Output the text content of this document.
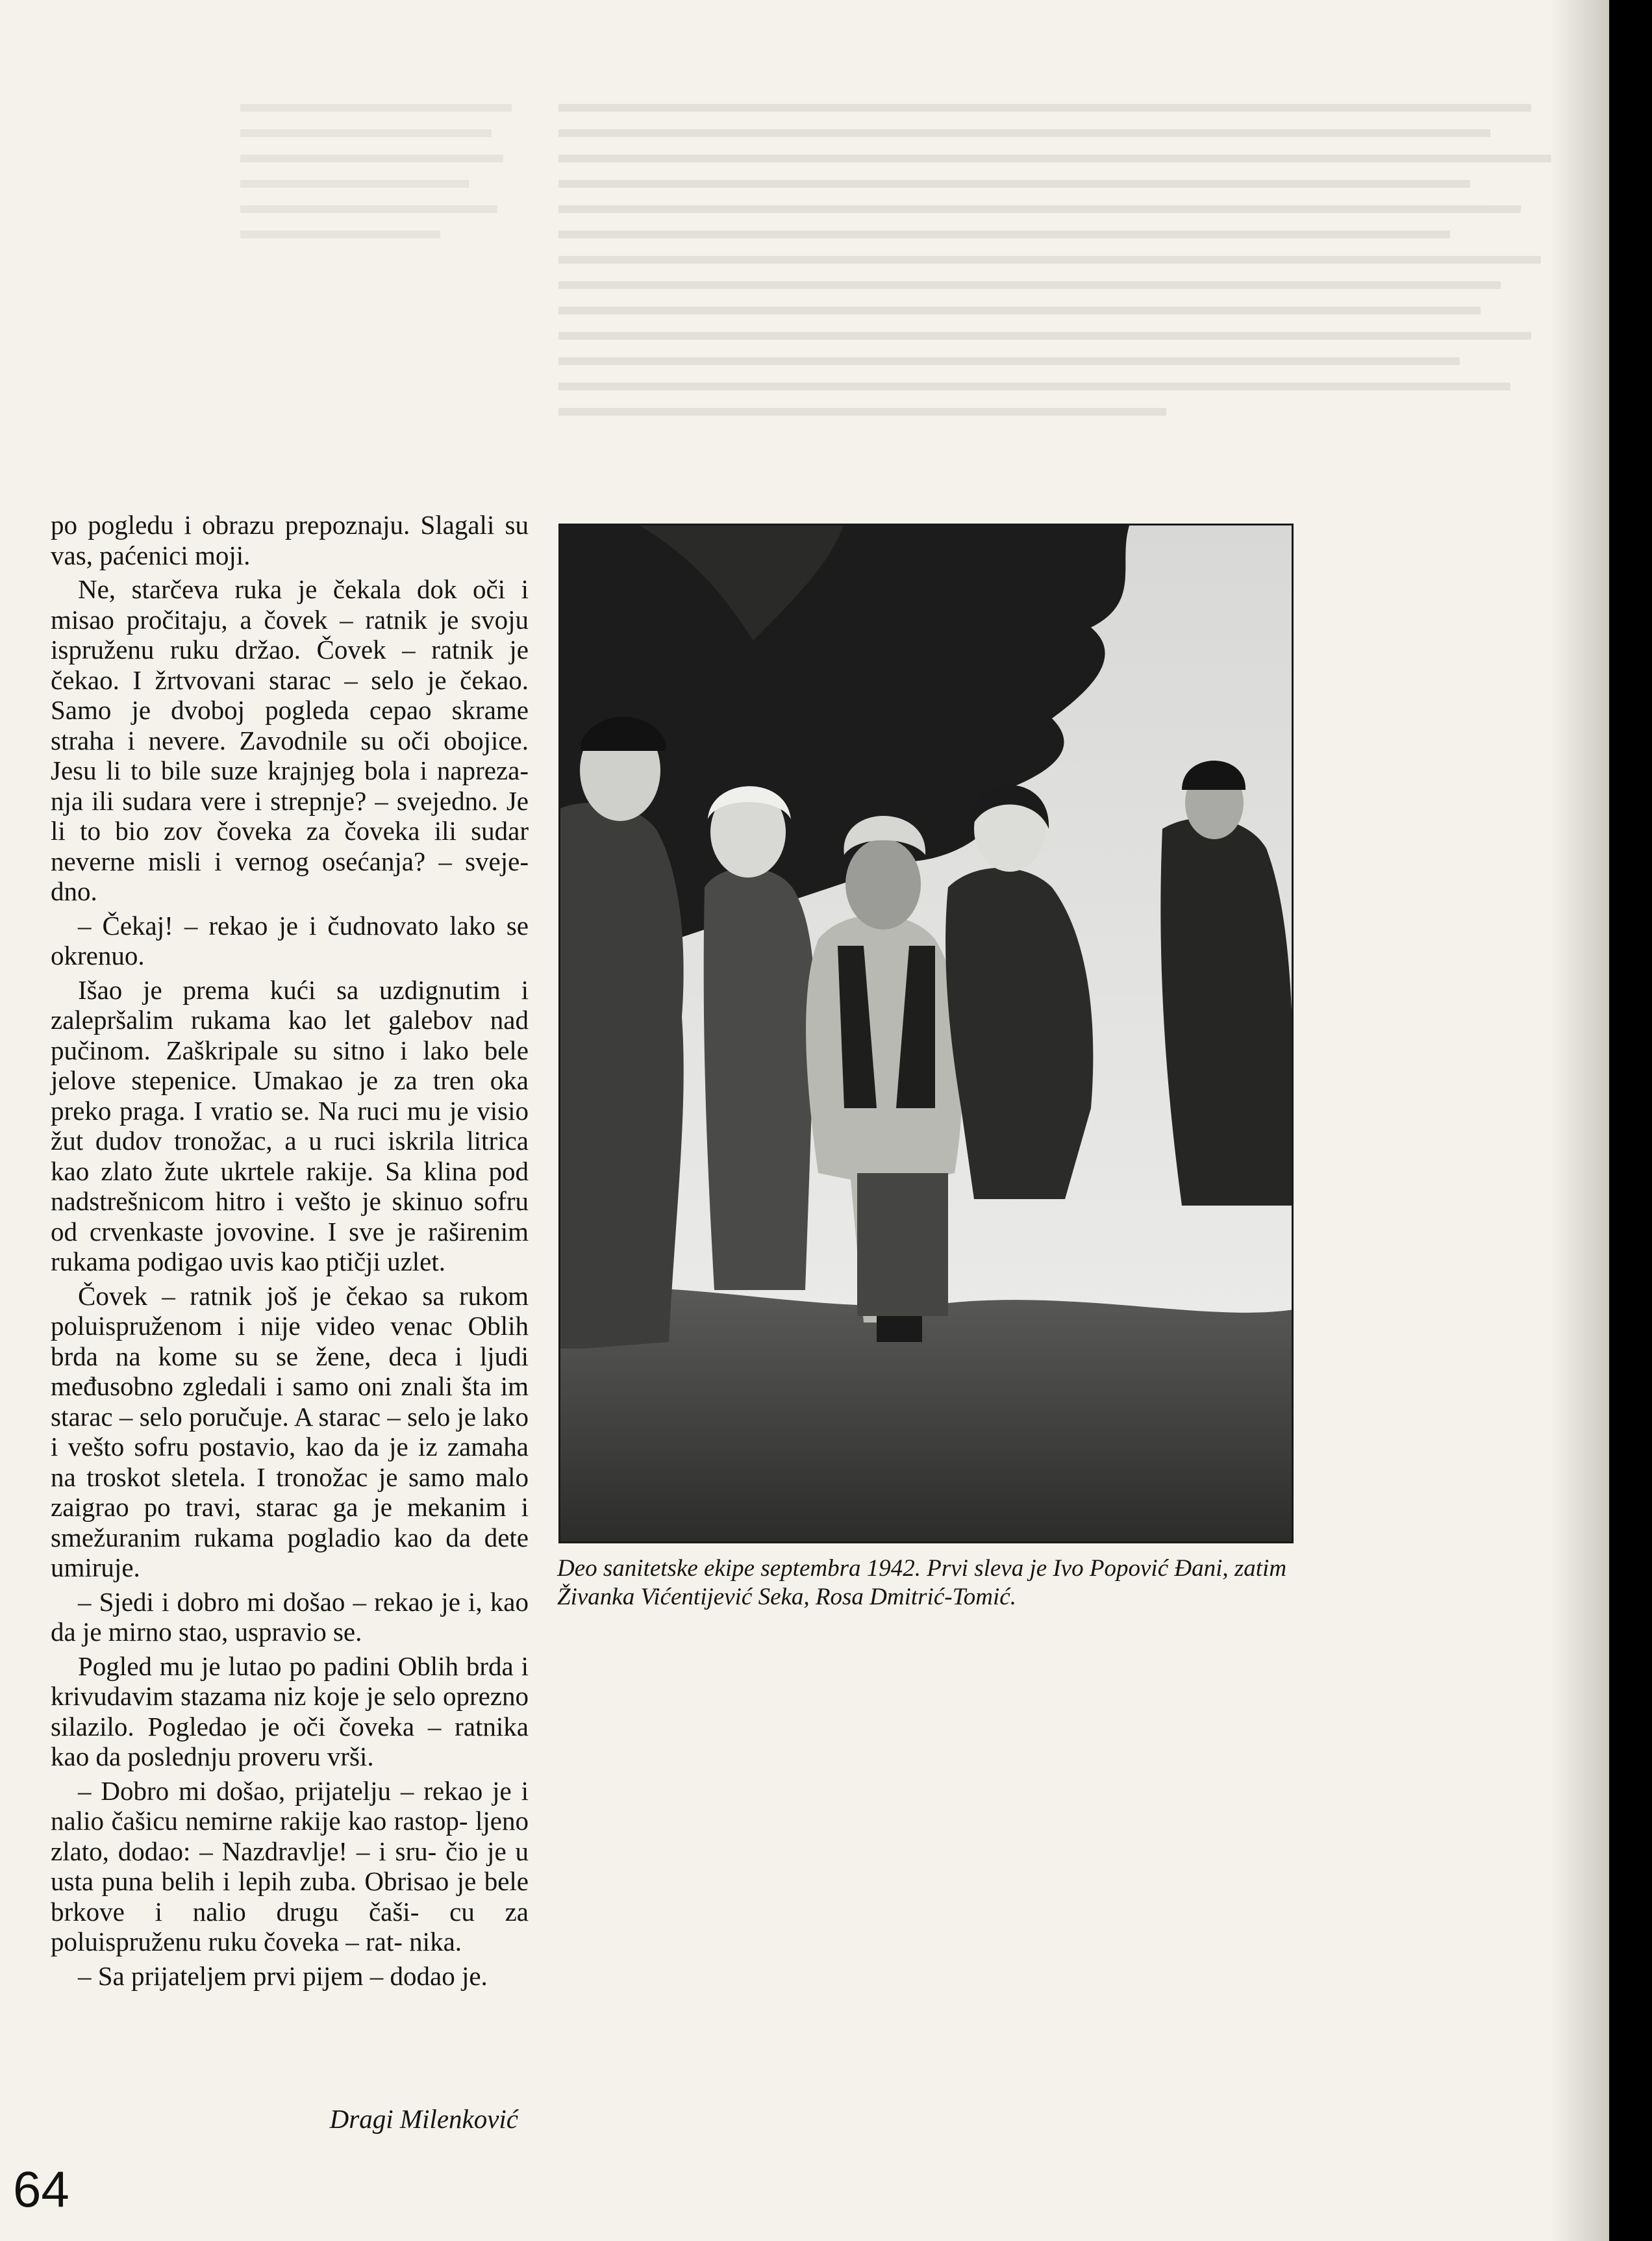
po pogledu i obrazu prepoznaju. Slagali su vas, paćenici moji.

Ne, starčeva ruka je čekala dok oči i misao pročitaju, a čovek – ratnik je svoju ispruženu ruku držao. Čovek – ratnik je čekao. I žrtvovani starac – selo je čekao. Samo je dvoboj pogleda cepao skrame straha i nevere. Zavodnile su oči obojice. Jesu li to bile suze krajnjeg bola i napreza- nja ili sudara vere i strepnje? – svejedno. Je li to bio zov čoveka za čoveka ili sudar neverne misli i vernog osećanja? – sveje- dno.

– Čekaj! – rekao je i čudnovato lako se okrenuo.

Išao je prema kući sa uzdignutim i zalepršalim rukama kao let galebov nad pučinom. Zaškripale su sitno i lako bele jelove stepenice. Umakao je za tren oka preko praga. I vratio se. Na ruci mu je visio žut dudov tronožac, a u ruci iskrila litrica kao zlato žute ukrtele rakije. Sa klina pod nadstrešnicom hitro i vešto je skinuo sofru od crvenkaste jovovine. I sve je raširenim rukama podigao uvis kao ptičji uzlet.

Čovek – ratnik još je čekao sa rukom poluispruženom i nije video venac Oblih brda na kome su se žene, deca i ljudi međusobno zgledali i samo oni znali šta im starac – selo poručuje. A starac – selo je lako i vešto sofru postavio, kao da je iz zamaha na troskot sletela. I tronožac je samo malo zaigrao po travi, starac ga je mekanim i smežuranim rukama pogladio kao da dete umiruje.

– Sjedi i dobro mi došao – rekao je i, kao da je mirno stao, uspravio se.

Pogled mu je lutao po padini Oblih brda i krivudavim stazama niz koje je selo oprezno silazilo. Pogledao je oči čoveka – ratnika kao da poslednju proveru vrši.

– Dobro mi došao, prijatelju – rekao je i nalio čašicu nemirne rakije kao rastop- ljeno zlato, dodao: – Nazdravlje! – i sru- čio je u usta puna belih i lepih zuba. Obrisao je bele brkove i nalio drugu čaši- cu za poluispruženu ruku čoveka – rat- nika.

– Sa prijateljem prvi pijem – dodao je.

Dragi Milenković
64
Deo sanitetske ekipe septembra 1942. Prvi sleva je Ivo Popović Đani, zatim Živanka Vićentijević Seka, Rosa Dmitrić-Tomić.
